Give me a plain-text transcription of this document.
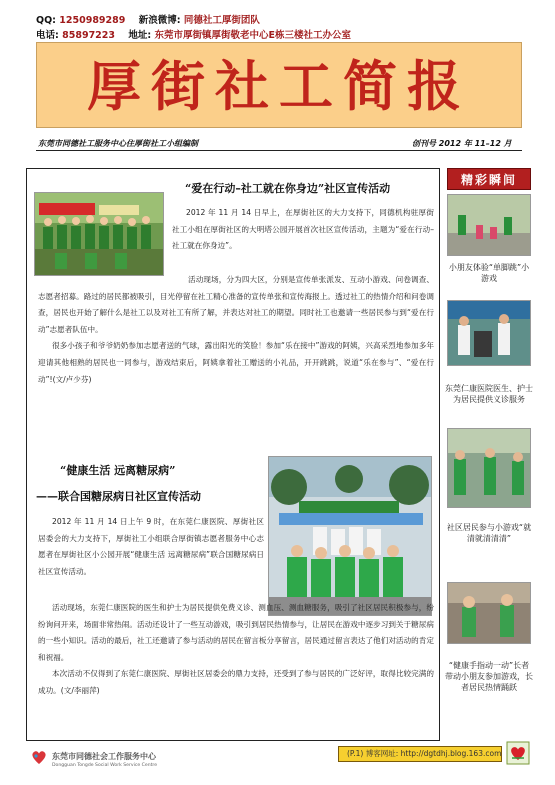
QQ: 1250989289 新浪微博: 同德社工厚街团队
电话: 85897223 地址: 东莞市厚街镇厚街敬老中心E栋三楼社工办公室
厚街社工简报
东莞市同德社工服务中心住厚街社工小组编制	创刊号 2012 年 11–12 月
“爱在行动–社工就在你身边”社区宣传活动
2012 年 11 月 14 日早上，在厚街社区的大力支持下，同德机构驻厚街社工小组在厚街社区的大明塔公园开展首次社区宣传活动，主题为“爱在行动–社工就在你身边”。
活动现场，分为四大区，分别是宣传单张派发、互动小游戏、问卷调查、志愿者招募。路过的居民都被吸引，目光停留在社工精心准备的宣传单张和宣传海报上。透过社工的热情介绍和问卷调查，居民也开始了解什么是社工以及对社工有所了解，并表达对社工的期望。同时社工也邀请一些居民参与到“爱在行动”志愿者队伍中。
很多小孩子和爷爷奶奶参加志愿者送的气球，露出阳光的笑脸！参加“乐在接中”游戏的阿姨，兴高采烈地参加多年迎请其他相熟的居民也一同参与，游戏结束后，阿姨拿着社工赠送的小礼品，开开跳跳，说道“乐在参与”、“爱在行动”!(文/卢少芬)
“健康生活 远离糖尿病”
——联合国糖尿病日社区宣传活动
2012 年 11 月 14 日上午 9 时，在东莞仁康医院、厚街社区居委会的大力支持下，厚街社工小组联合厚街镇志愿者服务中心志愿者在厚街社区小公园开展“健康生活 远离糖尿病”联合国糖尿病日社区宣传活动。
活动现场，东莞仁康医院的医生和护士为居民提供免费义诊、测血压、测血糖服务，吸引了社区居民积极参与，纷纷询问开来，场面非常热闹。活动还设计了一些互动游戏，吸引到居民热情参与，让居民在游戏中逐步习到关于糖尿病的一些小知识。活动的最后，社工还邀请了参与活动的居民在留言板分享留言，居民通过留言表达了他们对活动的肯定和祝福。
本次活动不仅得到了东莞仁康医院、厚街社区居委会的鼎力支持，还受到了参与居民的广泛好评，取得比较完满的成功。(文/李丽萍)
精彩瞬间
小朋友体验“单脚跳”小游戏
东莞仁康医院医生、护士为居民提供义诊服务
社区居民参与小游戏“就清就清清清”
“健康手指动一动”长者带动小朋友参加游戏，长者居民热情踊跃
东莞市同德社会工作服务中心
Dongguan Tongde Social Work Service Centre
(P.1) 博客网址: http://dgtdhj.blog.163.com
